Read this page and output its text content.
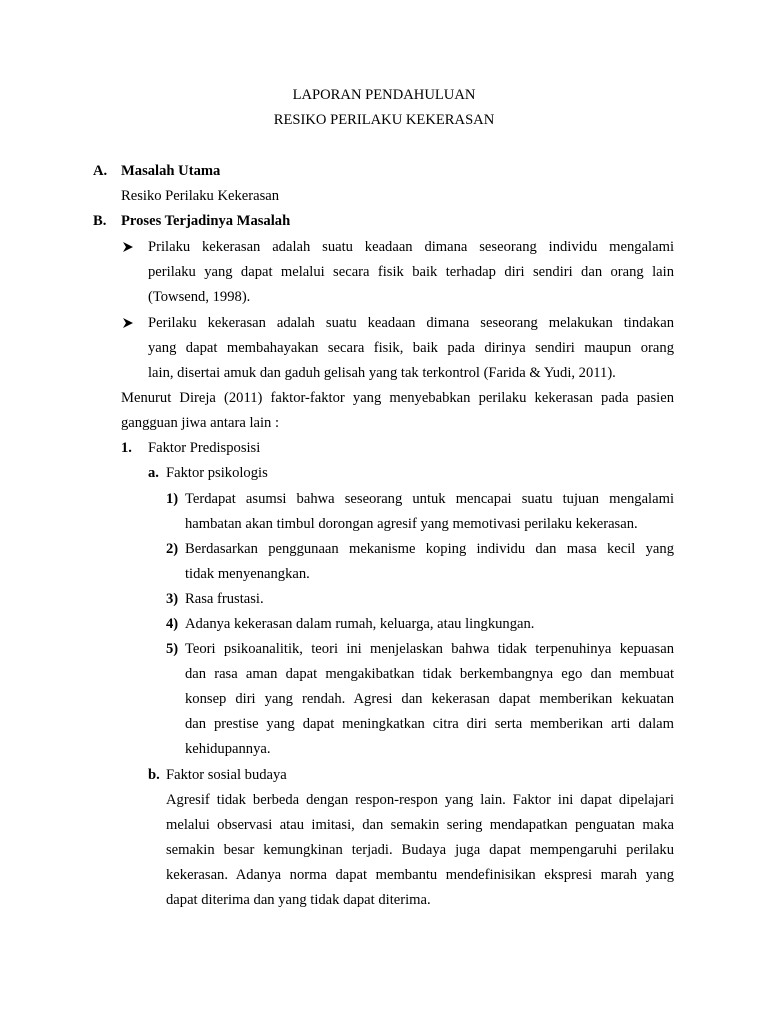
LAPORAN PENDAHULUAN
RESIKO PERILAKU KEKERASAN
A. Masalah Utama
Resiko Perilaku Kekerasan
B. Proses Terjadinya Masalah
Prilaku kekerasan adalah suatu keadaan dimana seseorang individu mengalami
perilaku yang dapat melalui secara fisik baik terhadap diri sendiri dan orang lain
(Towsend, 1998).
Perilaku kekerasan adalah suatu keadaan dimana seseorang melakukan tindakan
yang dapat membahayakan secara fisik, baik pada dirinya sendiri maupun orang
lain, disertai amuk dan gaduh gelisah yang tak terkontrol (Farida & Yudi, 2011).
Menurut Direja (2011) faktor-faktor yang menyebabkan perilaku kekerasan pada pasien
gangguan jiwa antara lain :
1. Faktor Predisposisi
a. Faktor psikologis
1) Terdapat asumsi bahwa seseorang untuk mencapai suatu tujuan mengalami
hambatan akan timbul dorongan agresif yang memotivasi perilaku kekerasan.
2) Berdasarkan penggunaan mekanisme koping individu dan masa kecil yang
tidak menyenangkan.
3) Rasa frustasi.
4) Adanya kekerasan dalam rumah, keluarga, atau lingkungan.
5) Teori psikoanalitik, teori ini menjelaskan bahwa tidak terpenuhinya kepuasan
dan rasa aman dapat mengakibatkan tidak berkembangnya ego dan membuat
konsep diri yang rendah. Agresi dan kekerasan dapat memberikan kekuatan
dan prestise yang dapat meningkatkan citra diri serta memberikan arti dalam
kehidupannya.
b. Faktor sosial budaya
Agresif tidak berbeda dengan respon-respon yang lain. Faktor ini dapat dipelajari
melalui observasi atau imitasi, dan semakin sering mendapatkan penguatan maka
semakin besar kemungkinan terjadi. Budaya juga dapat mempengaruhi perilaku
kekerasan. Adanya norma dapat membantu mendefinisikan ekspresi marah yang
dapat diterima dan yang tidak dapat diterima.
